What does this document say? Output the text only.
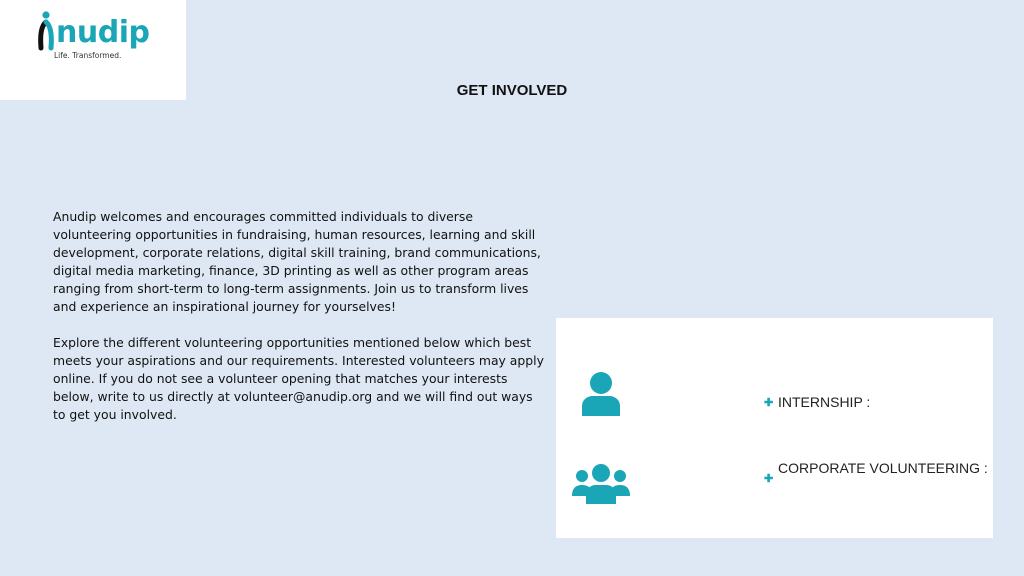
nudip
Life. Transformed.
GET INVOLVED

Anudip welcomes and encourages committed individuals to diverse volunteering opportunities in fundraising, human resources, learning and skill development, corporate relations, digital skill training, brand communications, digital media marketing, finance, 3D printing as well as other program areas ranging from short-term to long-term assignments. Join us to transform lives and experience an inspirational journey for yourselves!

Explore the different volunteering opportunities mentioned below which best meets your aspirations and our requirements. Interested volunteers may apply online. If you do not see a volunteer opening that matches your interests below, write to us directly at volunteer@anudip.org and we will find out ways to get you involved.

✚ INTERNSHIP :
✚
CORPORATE VOLUNTEERING :
